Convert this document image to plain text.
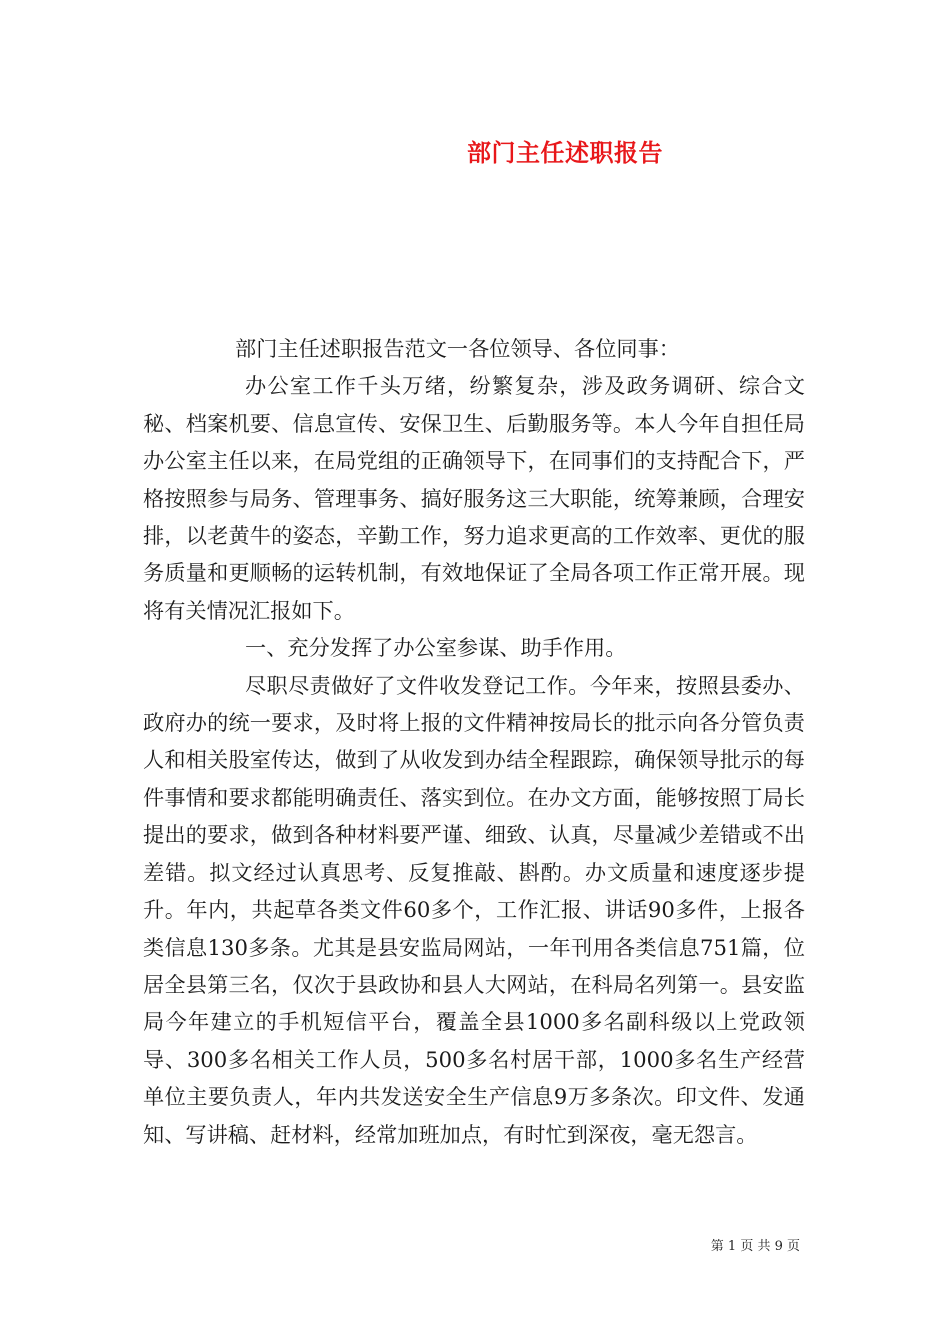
部门主任述职报告

部门主任述职报告范文一各位领导、各位同事：

办公室工作千头万绪，纷繁复杂，涉及政务调研、综合文秘、档案机要、信息宣传、安保卫生、后勤服务等。本人今年自担任局办公室主任以来，在局党组的正确领导下，在同事们的支持配合下，严格按照参与局务、管理事务、搞好服务这三大职能，统筹兼顾，合理安排，以老黄牛的姿态，辛勤工作，努力追求更高的工作效率、更优的服务质量和更顺畅的运转机制，有效地保证了全局各项工作正常开展。现将有关情况汇报如下。

一、充分发挥了办公室参谋、助手作用。

尽职尽责做好了文件收发登记工作。今年来，按照县委办、政府办的统一要求，及时将上报的文件精神按局长的批示向各分管负责人和相关股室传达，做到了从收发到办结全程跟踪，确保领导批示的每件事情和要求都能明确责任、落实到位。在办文方面，能够按照丁局长提出的要求，做到各种材料要严谨、细致、认真，尽量减少差错或不出差错。拟文经过认真思考、反复推敲、斟酌。办文质量和速度逐步提升。年内，共起草各类文件60多个，工作汇报、讲话90多件，上报各类信息130多条。尤其是县安监局网站，一年刊用各类信息751篇，位居全县第三名，仅次于县政协和县人大网站，在科局名列第一。县安监局今年建立的手机短信平台，覆盖全县1000多名副科级以上党政领导、300多名相关工作人员，500多名村居干部，1000多名生产经营单位主要负责人，年内共发送安全生产信息9万多条次。印文件、发通知、写讲稿、赶材料，经常加班加点，有时忙到深夜，毫无怨言。

第 1 页 共 9 页
